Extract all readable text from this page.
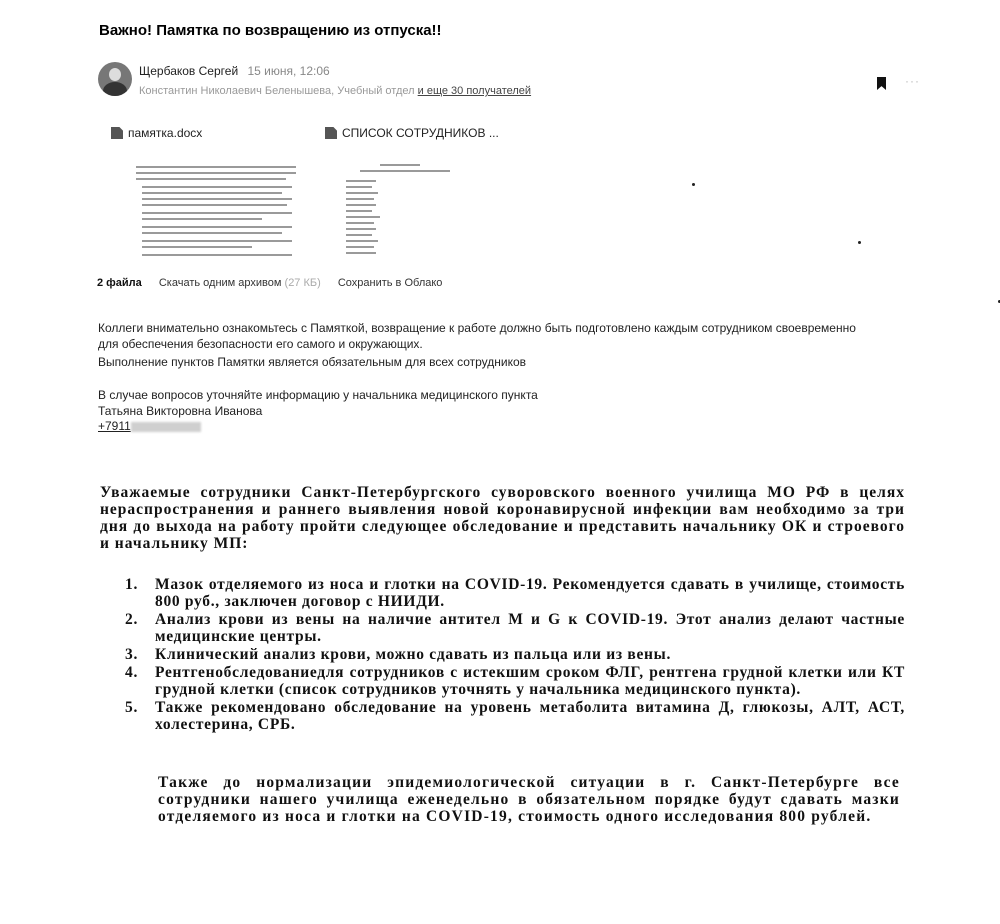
Важно! Памятка по возвращению из отпуска!!
Щербаков Сергей 15 июня, 12:06
Константин Николаевич Беленышева, Учебный отдел и еще 30 получателей
···
памятка.docx	СПИСОК СОТРУДНИКОВ ...
2 файла Скачать одним архивом (27 КБ) Сохранить в Облако
Коллеги внимательно ознакомьтесь с Памяткой, возвращение к работе должно быть подготовлено каждым сотрудником своевременно
для обеспечения безопасности его самого и окружающих.
Выполнение пунктов Памятки является обязательным для всех сотрудников
В случае вопросов уточняйте информацию у начальника медицинского пункта
Татьяна Викторовна Иванова
+7911
Уважаемые сотрудники Санкт-Петербургского суворовского военного училища МО РФ в целях нераспространения и раннего выявления новой коронавирусной инфекции вам необходимо за три дня до выхода на работу пройти следующее обследование и представить начальнику ОК и строевого и начальнику МП:
1. Мазок отделяемого из носа и глотки на COVID-19. Рекомендуется сдавать в училище, стоимость 800 руб., заключен договор с НИИДИ.
2. Анализ крови из вены на наличие антител М и G к COVID-19. Этот анализ делают частные медицинские центры.
3. Клинический анализ крови, можно сдавать из пальца или из вены.
4. Рентгенобследованиедля сотрудников с истекшим сроком ФЛГ, рентгена грудной клетки или КТ грудной клетки (список сотрудников уточнять у начальника медицинского пункта).
5. Также рекомендовано обследование на уровень метаболита витамина Д, глюкозы, АЛТ, АСТ, холестерина, СРБ.
Также до нормализации эпидемиологической ситуации в г. Санкт-Петербурге все сотрудники нашего училища еженедельно в обязательном порядке будут сдавать мазки отделяемого из носа и глотки на COVID-19, стоимость одного исследования 800 рублей.
